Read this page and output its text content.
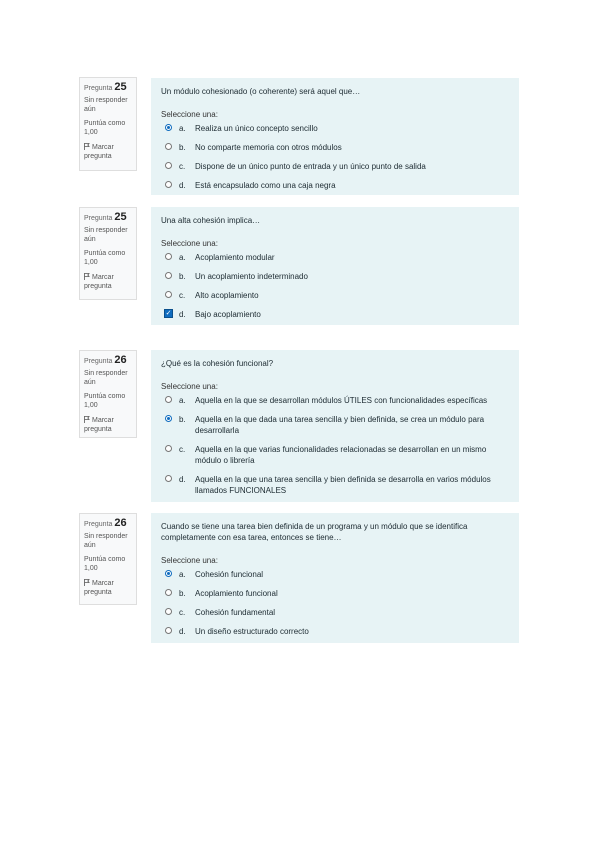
Pregunta 25
Sin responder aún
Puntúa como 1,00
Marcar pregunta

Un módulo cohesionado (o coherente) será aquel que…

Seleccione una:

a. Realiza un único concepto sencillo
b. No comparte memoria con otros módulos
c. Dispone de un único punto de entrada y un único punto de salida
d. Está encapsulado como una caja negra
Pregunta 25
Sin responder aún
Puntúa como 1,00
Marcar pregunta

Una alta cohesión implica…

Seleccione una:

a. Acoplamiento modular
b. Un acoplamiento indeterminado
c. Alto acoplamiento
✓ d. Bajo acoplamiento
Pregunta 26
Sin responder aún
Puntúa como 1,00
Marcar pregunta

¿Qué es la cohesión funcional?

Seleccione una:

a. Aquella en la que se desarrollan módulos ÚTILES con funcionalidades específicas
b. Aquella en la que dada una tarea sencilla y bien definida, se crea un módulo para desarrollarla
c. Aquella en la que varias funcionalidades relacionadas se desarrollan en un mismo módulo o librería
d. Aquella en la que una tarea sencilla y bien definida se desarrolla en varios módulos llamados FUNCIONALES
Pregunta 26
Sin responder aún
Puntúa como 1,00
Marcar pregunta

Cuando se tiene una tarea bien definida de un programa y un módulo que se identifica completamente con esa tarea, entonces se tiene…

Seleccione una:

a. Cohesión funcional
b. Acoplamiento funcional
c. Cohesión fundamental
d. Un diseño estructurado correcto
